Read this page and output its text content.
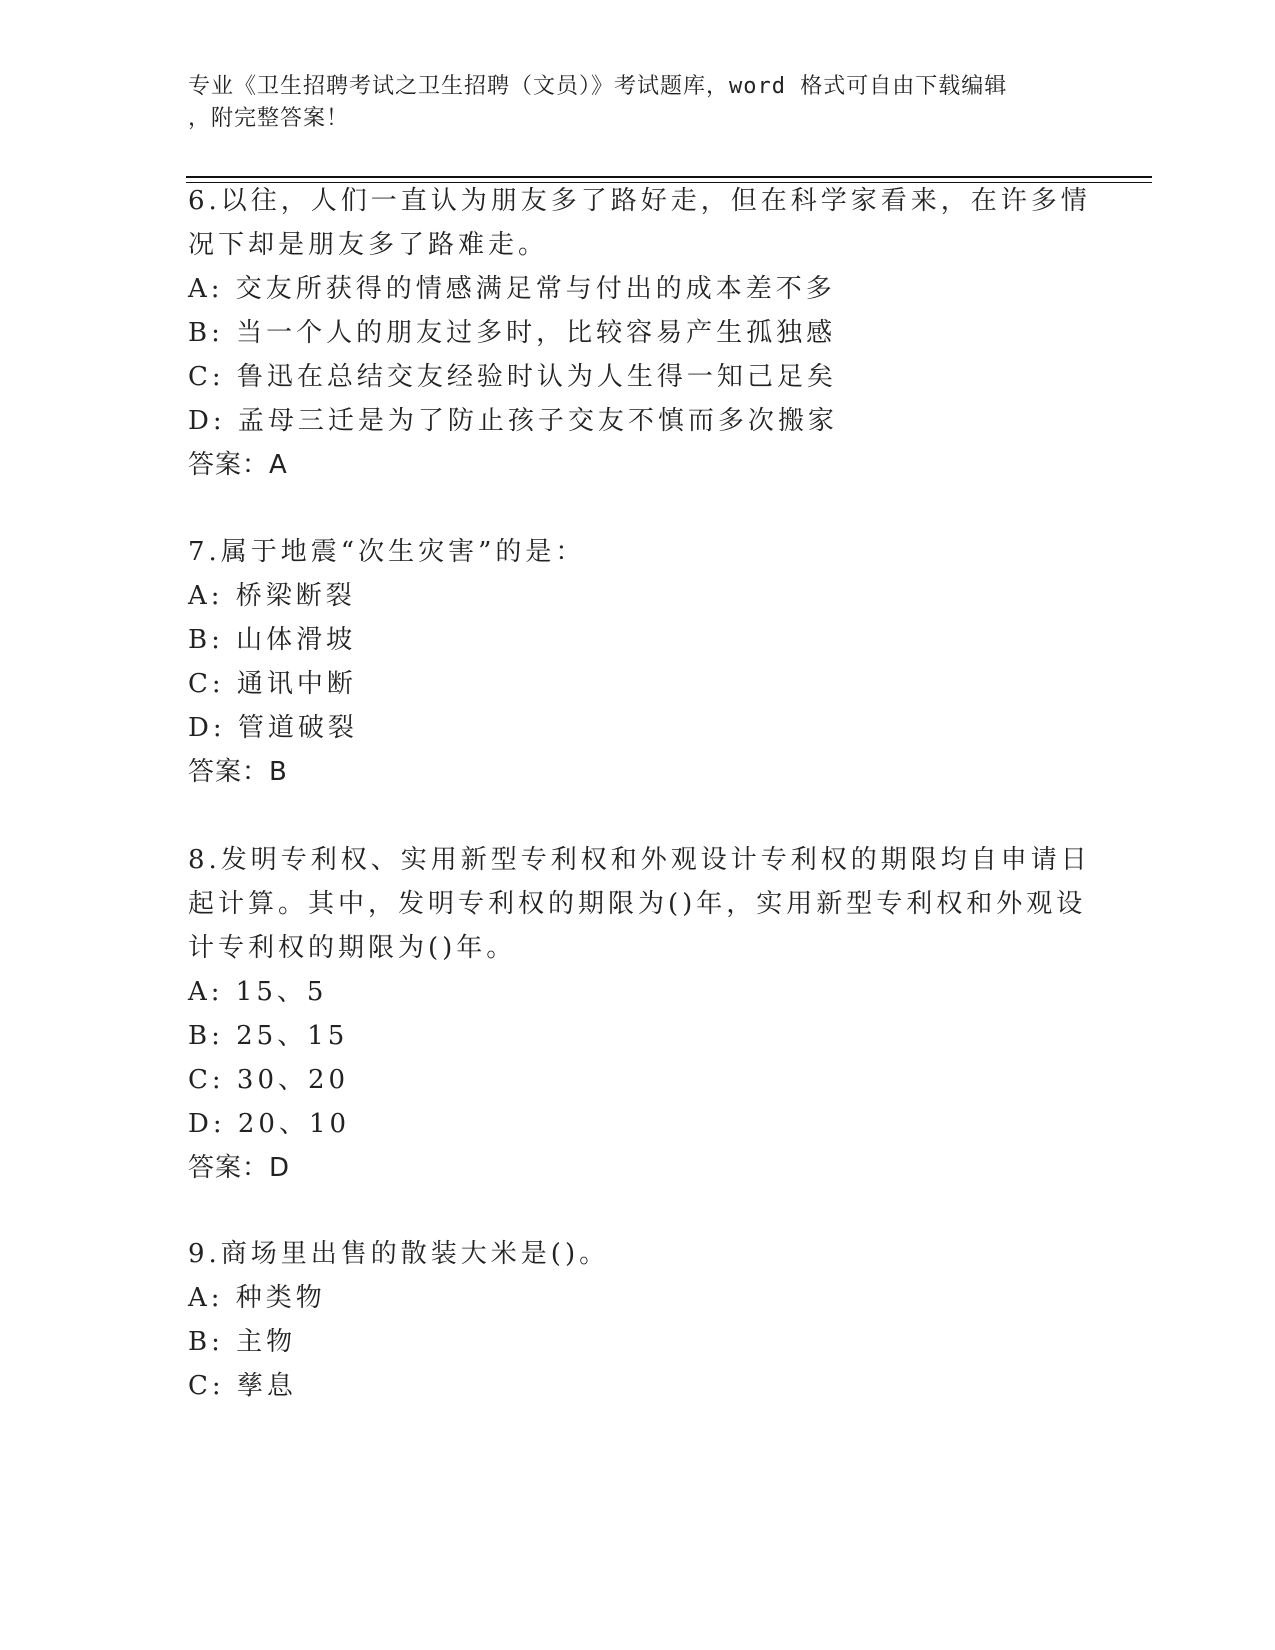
专业《卫生招聘考试之卫生招聘（文员）》考试题库，word 格式可自由下载编辑
，附完整答案！
6.以往，人们一直认为朋友多了路好走，但在科学家看来，在许多情
况下却是朋友多了路难走。
A: 交友所获得的情感满足常与付出的成本差不多
B: 当一个人的朋友过多时，比较容易产生孤独感
C: 鲁迅在总结交友经验时认为人生得一知己足矣
D: 孟母三迁是为了防止孩子交友不慎而多次搬家
答案：A
7.属于地震“次生灾害”的是：
A: 桥梁断裂
B: 山体滑坡
C: 通讯中断
D: 管道破裂
答案：B
8.发明专利权、实用新型专利权和外观设计专利权的期限均自申请日
起计算。其中，发明专利权的期限为()年，实用新型专利权和外观设
计专利权的期限为()年。
A: 15、5
B: 25、15
C: 30、20
D: 20、10
答案：D
9.商场里出售的散装大米是()。
A: 种类物
B: 主物
C: 孳息
